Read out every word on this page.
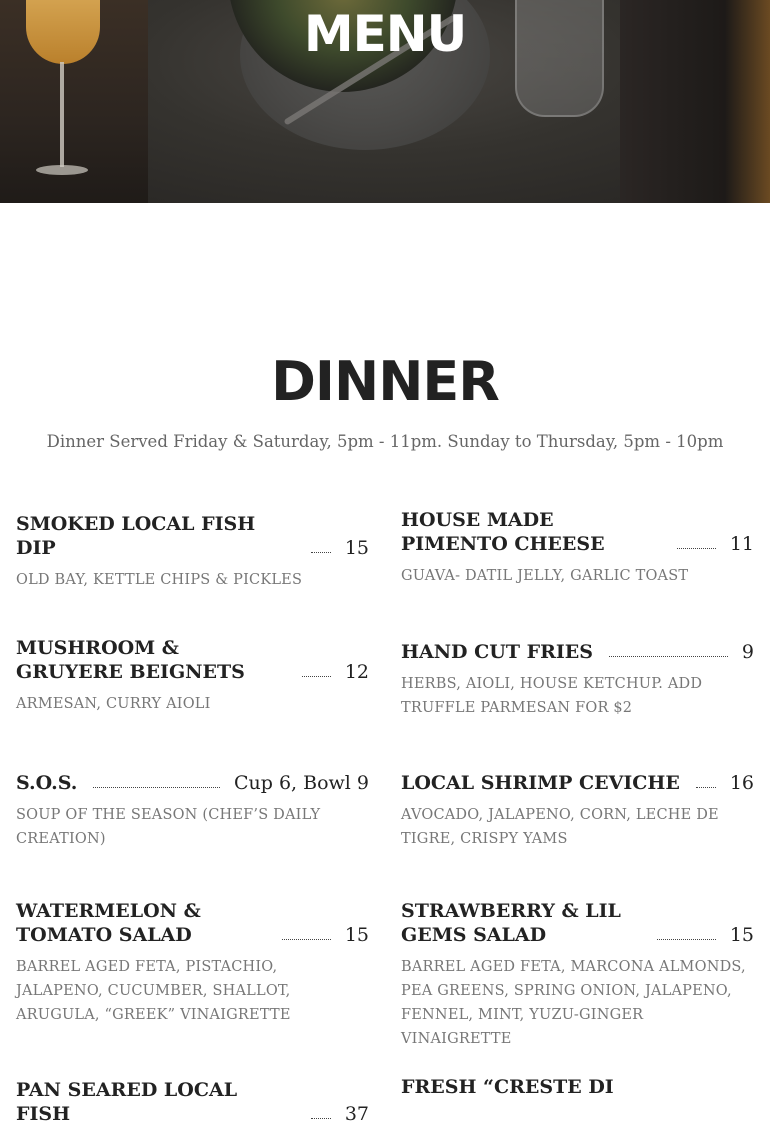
MENU
DINNER
Dinner Served Friday & Saturday, 5pm - 11pm. Sunday to Thursday, 5pm - 10pm
SMOKED LOCAL FISH DIP	15
OLD BAY, KETTLE CHIPS & PICKLES
HOUSE MADE PIMENTO CHEESE	11
GUAVA- DATIL JELLY, GARLIC TOAST
MUSHROOM & GRUYERE BEIGNETS	12
ARMESAN, CURRY AIOLI
HAND CUT FRIES	9
HERBS, AIOLI, HOUSE KETCHUP. ADD TRUFFLE PARMESAN FOR $2
S.O.S.	Cup 6, Bowl 9
SOUP OF THE SEASON (CHEF’S DAILY CREATION)
LOCAL SHRIMP CEVICHE	16
AVOCADO, JALAPENO, CORN, LECHE DE TIGRE, CRISPY YAMS
WATERMELON & TOMATO SALAD	15
BARREL AGED FETA, PISTACHIO, JALAPENO, CUCUMBER, SHALLOT, ARUGULA, “GREEK” VINAIGRETTE
STRAWBERRY & LIL GEMS SALAD	15
BARREL AGED FETA, MARCONA ALMONDS, PEA GREENS, SPRING ONION, JALAPENO, FENNEL, MINT, YUZU-GINGER VINAIGRETTE
PAN SEARED LOCAL FISH	37
FRESH “CRESTE DI
